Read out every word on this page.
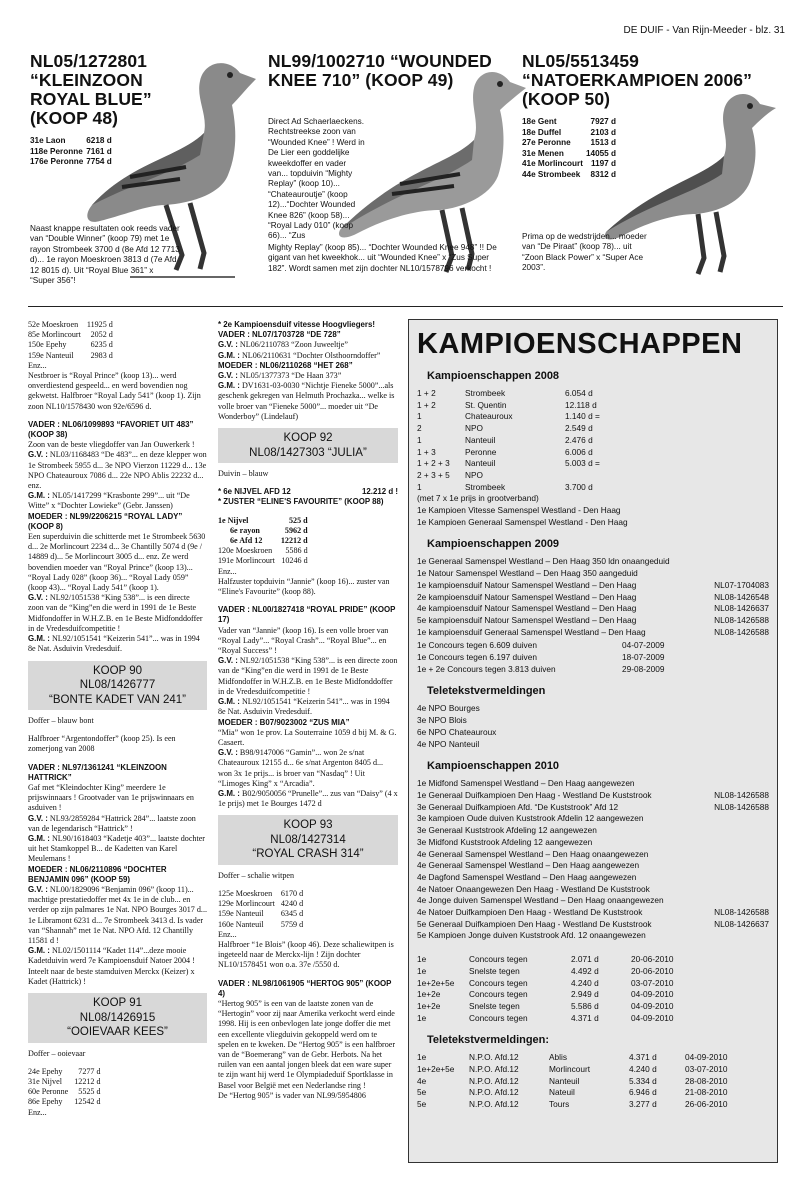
DE DUIF - Van Rijn-Meeder - blz. 31
NL05/1272801 “KLEINZOON ROYAL BLUE” (KOOP 48)
31e Laon	6218 d
118e Peronne	7161 d
176e Peronne	7754 d
Naast knappe resultaten ook reeds vader van “Double Winner” (koop 79) met 1e rayon Strombeek 3700 d (8e Afd 12 7713 d)... 1e rayon Moeskroen 3813 d (7e Afd 12 8015 d). Uit “Royal Blue 361” x “Super 356”!
NL99/1002710 “WOUNDED KNEE 710” (KOOP 49)
Direct Ad Schaerlaeckens. Rechtstreekse zoon van “Wounded Knee” ! Werd in De Lier een goddelijke kweekdoffer en vader van... topduivin “Mighty Replay” (koop 10)... “Chateauroutje” (koop 12)...“Dochter Wounded Knee 826” (koop 58)... “Royal Lady 010” (koop 66)... “Zus
Mighty Replay” (koop 85)... “Dochter Wounded Knee 948” !! De gigant van het kweekhok... uit “Wounded Knee” x “Zus Super 182”. Wordt samen met zijn dochter NL10/1578796 verkocht !
NL05/5513459 “NATOERKAMPIOEN 2006” (KOOP 50)
18e Gent	7927 d
18e Duffel	2103 d
27e Peronne	1513 d
31e Menen	14055 d
41e Morlincourt	1197 d
44e Strombeek	8312 d
Prima op de wedstrijden... moeder van “De Piraat” (koop 78)... uit “Zoon Black Power” x “Super Ace 2003”.
52e Moeskroen	11925 d
85e Morlincourt	2052 d
150e Epehy	6235 d
159e Nanteuil	2983 d

Enz...

Nestbroer is “Royal Prince” (koop 13)... werd onverdiestend gespeeld... en werd bovendien nog gekwetst. Halfbroer “Royal Lady 541” (koop 1). Zijn zoon NL10/1578430 won 92e/6596 d.

VADER : NL06/1099893 “FAVORIET UIT 483” (KOOP 38)

Zoon van de beste vliegdoffer van Jan Ouwerkerk !

G.V. : NL03/1168483 “De 483”... en deze klepper won 1e Strombeek 5955 d... 3e NPO Vierzon 11229 d... 13e NPO Chateauroux 7086 d... 22e NPO Ablis 22232 d... enz.

G.M. : NL05/1417299 “Krasbonte 299”... uit “De Witte” x “Dochter Lowieke” (Gebr. Janssen)

MOEDER : NL99/2206215 “ROYAL LADY” (KOOP 8)

Een superduivin die schitterde met 1e Strombeek 5630 d... 2e Morlincourt 2234 d... 3e Chantilly 5074 d (9e / 14889 d)... 5e Morlincourt 3005 d... enz. Ze werd bovendien moeder van “Royal Prince” (koop 13)... “Royal Lady 028” (koop 36)... “Royal Lady 059” (koop 43)... “Royal Lady 541” (koop 1).

G.V. : NL92/1051538 “King 538”... is een directe zoon van de “King”en die werd in 1991 de 1e Beste Midfondoffer in W.H.Z.B. en 1e Beste Midfonddoffer in de Vredesduifcompetitie !

G.M. : NL92/1051541 “Keizerin 541”... was in 1994 8e Nat. Asduivin Vredesduif.

KOOP 90
NL08/1426777
“BONTE KADET VAN 241”

Doffer – blauw bont

Halfbroer “Argentondoffer” (koop 25). Is een zomerjong van 2008

VADER : NL97/1361241 “KLEINZOON HATTRICK”

Gaf met “Kleindochter King” meerdere 1e prijswinnaars ! Grootvader van 1e prijswinnaars en asduiven !

G.V. : NL93/2859284 “Hattrick 284”... laatste zoon van de legendarisch “Hattrick” !

G.M. : NL90/1618403 “Kadetje 403”... laatste dochter uit het Stamkoppel B... de Kadetten van Karel Meulemans !

MOEDER : NL06/2110896 “DOCHTER BENJAMIN 096” (KOOP 59)

G.V. : NL00/1829096 “Benjamin 096” (koop 11)... machtige prestatiedoffer met 4x 1e in de club... en verder op zijn palmares 1e Nat. NPO Bourges 3017 d... 1e Libramont 6231 d... 7e Strombeek 3413 d. Is vader van “Shannah” met 1e Nat. NPO Afd. 12 Chantilly 11581 d !

G.M. : NL02/1501114 “Kadet 114”...deze mooie Kadetduivin werd 7e Kampioensduif Natoer 2004 ! Inteelt naar de beste stamduiven Merckx (Keizer) x Kadet (Hattrick) !

KOOP 91
NL08/1426915
“OOIEVAAR KEES”

Doffer – ooievaar

24e Epehy	7277 d
31e Nijvel	12212 d
60e Peronne	5525 d
86e Epehy	12542 d

Enz...

* 2e Kampioensduif vitesse Hoogvliegers!

VADER : NL07/1703728 “DE 728”

G.V. : NL06/2110783 “Zoon Juweeltje”

G.M. : NL06/2110631 “Dochter Olsthoorndoffer”

MOEDER : NL06/2110268 “HET 268”

G.V. : NL05/1377373 “De Haan 373”

G.M. : DV1631-03-0030 “Nichtje Fieneke 5000”...als geschenk gekregen van Helmuth Prochazka... welke is volle broer van “Fieneke 5000”... moeder uit “De Wonderboy” (Lindelauf)

KOOP 92
NL08/1427303 “JULIA”

Duivin – blauw

* 6e NIJVEL AFD 12	12.212 d !

* ZUSTER “ELINE'S FAVOURITE” (KOOP 88)

1e Nijvel	525 d
6e rayon	5962 d
6e Afd 12	12212 d
120e Moeskroen	5586 d
191e Morlincourt	10246 d

Enz...

Halfzuster topduivin “Jannie” (koop 16)... zuster van “Eline's Favourite” (koop 88).

VADER : NL00/1827418 “ROYAL PRIDE” (KOOP 17)

Vader van “Jannie” (koop 16). Is een volle broer van “Royal Lady”... “Royal Crash”... “Royal Blue”... en “Royal Success” !

G.V. : NL92/1051538 “King 538”... is een directe zoon van de “King”en die werd in 1991 de 1e Beste Midfondoffer in W.H.Z.B. en 1e Beste Midfonddoffer in de Vredesduifcompetitie !

G.M. : NL92/1051541 “Keizerin 541”... was in 1994 8e Nat. Asduivin Vredesduif.

MOEDER : B07/9023002 “ZUS MIA”

“Mia” won 1e prov. La Souterraine 1059 d bij M. & G. Casaert.

G.V. : B98/9147006 “Gamin”... won 2e s/nat Chateauroux 12155 d... 6e s/nat Argenton 8405 d... won 3x 1e prijs... is broer van “Nasdaq” ! Uit “Limoges King” x “Arcadia”.

G.M. : B02/9050056 “Prunelle”... zus van “Daisy” (4 x 1e prijs) met 1e Bourges 1472 d

KOOP 93
NL08/1427314
“ROYAL CRASH 314”

Doffer – schalie witpen

125e Moeskroen	6170 d
129e Morlincourt	4240 d
159e Nanteuil	6345 d
160e Nanteuil	5759 d

Enz...

Halfbroer “1e Blois” (koop 46). Deze schaliewitpen is ingeteeld naar de Merckx-lijn ! Zijn dochter NL10/1578451 won o.a. 37e /5550 d.

VADER : NL98/1061905 “HERTOG 905” (KOOP 4)

“Hertog 905” is een van de laatste zonen van de “Hertogin” voor zij naar Amerika verkocht werd einde 1998. Hij is een onbevlogen late jonge doffer die met een excellente vliegduivin gekoppeld werd om te spelen en te kweken. De “Hertog 905” is een halfbroer van de “Boemerang” van de Gebr. Herbots. Na het ruilen van een aantal jongen bleek dat een ware super te zijn want hij werd 1e Olympiadeduif Sportklasse in Basel voor België met een Nederlandse ring !

De “Hertog 905” is vader van NL99/5954806

KAMPIOENSCHAPPEN
Kampioenschappen 2008
1 + 2	Strombeek	6.054 d
1 + 2	St. Quentin	12.118 d
1	Chateauroux	1.140 d =
2	NPO	2.549 d
1	Nanteuil	2.476 d
1 + 3	Peronne	6.006 d
1 + 2 + 3	Nanteuil	5.003 d =
2 + 3 + 5	NPO	
1	Strombeek	3.700 d
(met 7 x 1e prijs in grootverband)
1e Kampioen Vitesse Samenspel Westland - Den Haag
1e Kampioen Generaal Samenspel Westland - Den Haag
Kampioenschappen 2009
1e Generaal Samenspel Westland – Den Haag 350 ldn onaangeduid
1e Natour Samenspel Westland – Den Haag 350 aangeduid
1e kampioensduif Natour Samenspel Westland – Den Haag	NL07-1704083
2e kampioensduif Natour Samenspel Westland – Den Haag	NL08-1426548
4e kampioensduif Natour Samenspel Westland – Den Haag	NL08-1426637
5e kampioensduif Natour Samenspel Westland – Den Haag	NL08-1426588
1e kampioensduif Generaal Samenspel Westland – Den Haag	NL08-1426588
1e Concours tegen 6.609 duiven	04-07-2009
1e Concours tegen 6.197 duiven	18-07-2009
1e + 2e Concours tegen 3.813 duiven	29-08-2009
Teletekstvermeldingen
4e NPO Bourges
3e NPO Blois
6e NPO Chateauroux
4e NPO Nanteuil
Kampioenschappen 2010
1e Midfond Samenspel Westland – Den Haag aangewezen
1e Generaal Duifkampioen Den Haag - Westland De Kuststrook	NL08-1426588
3e Generaal Duifkampioen Afd. “De Kuststrook” Afd 12	NL08-1426588
3e kampioen Oude duiven Kuststrook Afdelin 12 aangewezen
3e Generaal Kuststrook Afdeling 12 aangewezen
3e Midfond Kuststrook Afdeling 12 aangewezen
4e Generaal Samenspel Westland – Den Haag onaangewezen
4e Generaal Samenspel Westland – Den Haag aangewezen
4e Dagfond Samenspel Westland – Den Haag aangewezen
4e Natoer Onaangewezen Den Haag - Westland De Kuststrook
4e Jonge duiven Samenspel Westland – Den Haag onaangewezen
4e Natoer Duifkampioen Den Haag - Westland De Kuststrook	NL08-1426588
5e Generaal Duifkampioen Den Haag - Westland De Kuststrook	NL08-1426637
5e Kampioen Jonge duiven Kuststrook Afd. 12 onaangewezen
1e	Concours tegen	2.071 d	20-06-2010
1e	Snelste tegen	4.492 d	20-06-2010
1e+2e+5e	Concours tegen	4.240 d	03-07-2010
1e+2e	Concours tegen	2.949 d	04-09-2010
1e+2e	Snelste tegen	5.586 d	04-09-2010
1e	Concours tegen	4.371 d	04-09-2010
Teletekstvermeldingen:
1e	N.P.O. Afd.12	Ablis	4.371 d	04-09-2010
1e+2e+5e	N.P.O. Afd.12	Morlincourt	4.240 d	03-07-2010
4e	N.P.O. Afd.12	Nanteuil	5.334 d	28-08-2010
5e	N.P.O. Afd.12	Nateuil	6.946 d	21-08-2010
5e	N.P.O. Afd.12	Tours	3.277 d	26-06-2010
